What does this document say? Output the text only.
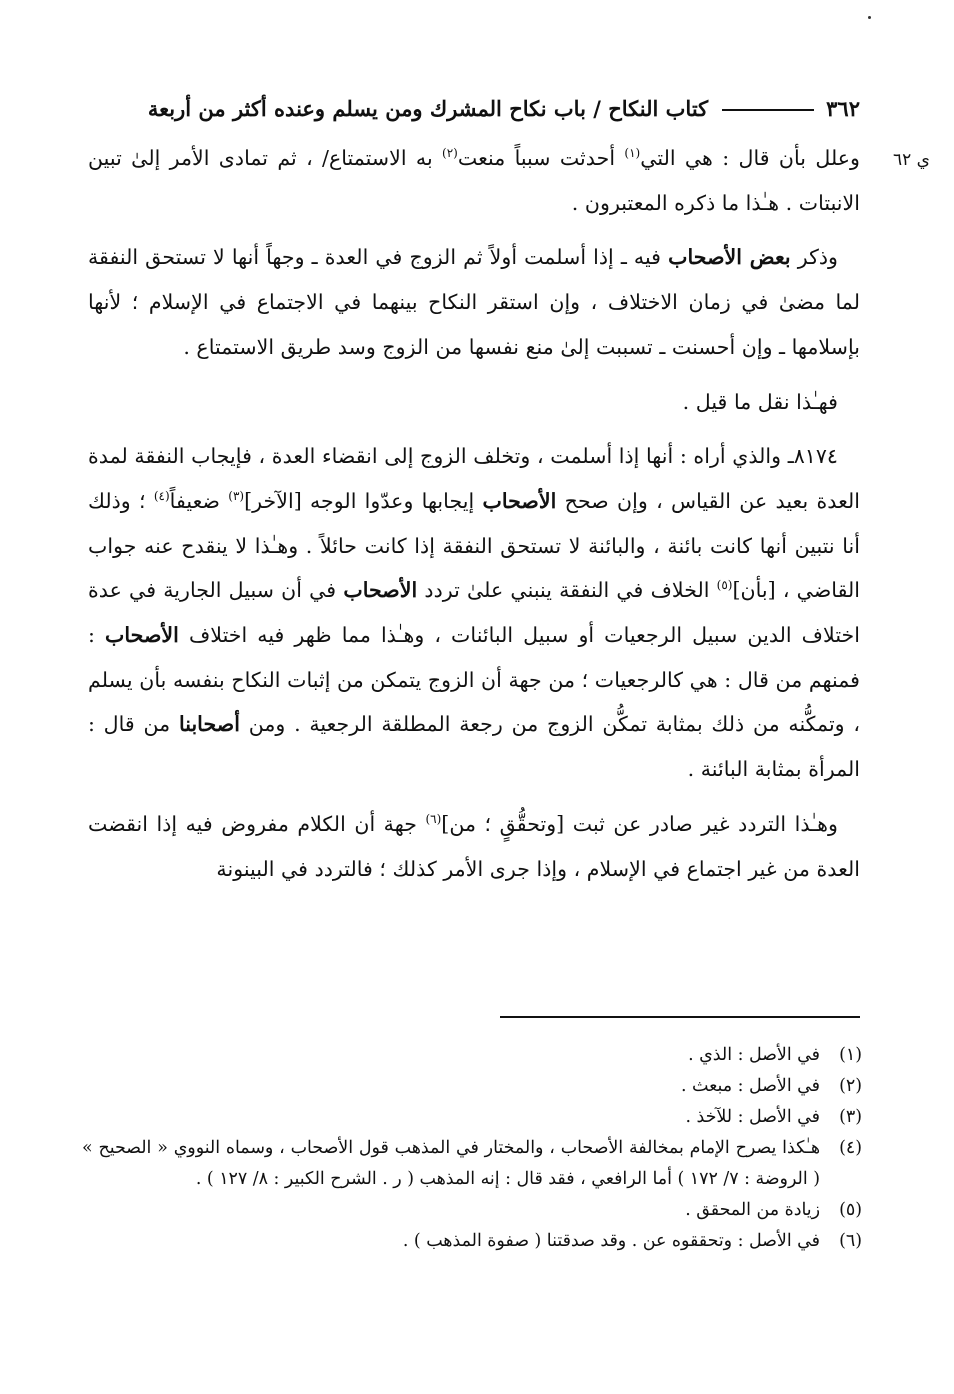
٣٦٢
كتاب النكاح / باب نكاح المشرك ومن يسلم وعنده أكثر من أربعة
ي ٦٢

وعلل بأن قال : هي التي$^{(١)}$ أحدثت سبباً منعت$^{(٢)}$ به الاستمتاع/ ، ثم تمادى الأمر إلىٰ تبين الانبتات . هـٰذا ما ذكره المعتبرون .

وذكر بعض الأصحاب فيه ـ إذا أسلمت أولاً ثم الزوج في العدة ـ وجهاً أنها لا تستحق النفقة لما مضىٰ في زمان الاختلاف ، وإن استقر النكاح بينهما في الاجتماع في الإسلام ؛ لأنها بإسلامها ـ وإن أحسنت ـ تسببت إلىٰ منع نفسها من الزوج وسد طريق الاستمتاع .

فهـٰذا نقل ما قيل .

٨١٧٤ـ والذي أراه : أنها إذا أسلمت ، وتخلف الزوج إلى انقضاء العدة ، فإيجاب النفقة لمدة العدة بعيد عن القياس ، وإن صحح الأصحاب إيجابها وعدّوا الوجه [الآخر]$^{(٣)}$ ضعيفاً$^{(٤)}$ ؛ وذلك أنا نتبين أنها كانت بائنة ، والبائنة لا تستحق النفقة إذا كانت حائلاً . وهـٰذا لا ينقدح عنه جواب القاضي ، [بأن]$^{(٥)}$ الخلاف في النفقة ينبني علىٰ تردد الأصحاب في أن سبيل الجارية في عدة اختلاف الدين سبيل الرجعيات أو سبيل البائنات ، وهـٰذا مما ظهر فيه اختلاف الأصحاب : فمنهم من قال : هي كالرجعيات ؛ من جهة أن الزوج يتمكن من إثبات النكاح بنفسه بأن يسلم ، وتمكُّنه من ذلك بمثابة تمكُّن الزوج من رجعة المطلقة الرجعية . ومن أصحابنا من قال : المرأة بمثابة البائنة .

وهـٰذا التردد غير صادر عن ثبت [وتحقُّقٍ ؛ من]$^{(٦)}$ جهة أن الكلام مفروض فيه إذا انقضت العدة من غير اجتماع في الإسلام ، وإذا جرى الأمر كذلك ؛ فالتردد في البينونة

(١)
في الأصل : الذي .
(٢)
في الأصل : مبعث .
(٣)
في الأصل : للآخذ .
(٤)
هـٰكذا يصرح الإمام بمخالفة الأصحاب ، والمختار في المذهب قول الأصحاب ، وسماه النووي « الصحيح » ( الروضة : ٧/ ١٧٢ ) أما الرافعي ، فقد قال : إنه المذهب ( ر . الشرح الكبير : ٨/ ١٢٧ ) .
(٥)
زيادة من المحقق .
(٦)
في الأصل : وتحققوه عن . وقد صدقتنا ( صفوة المذهب ) .
